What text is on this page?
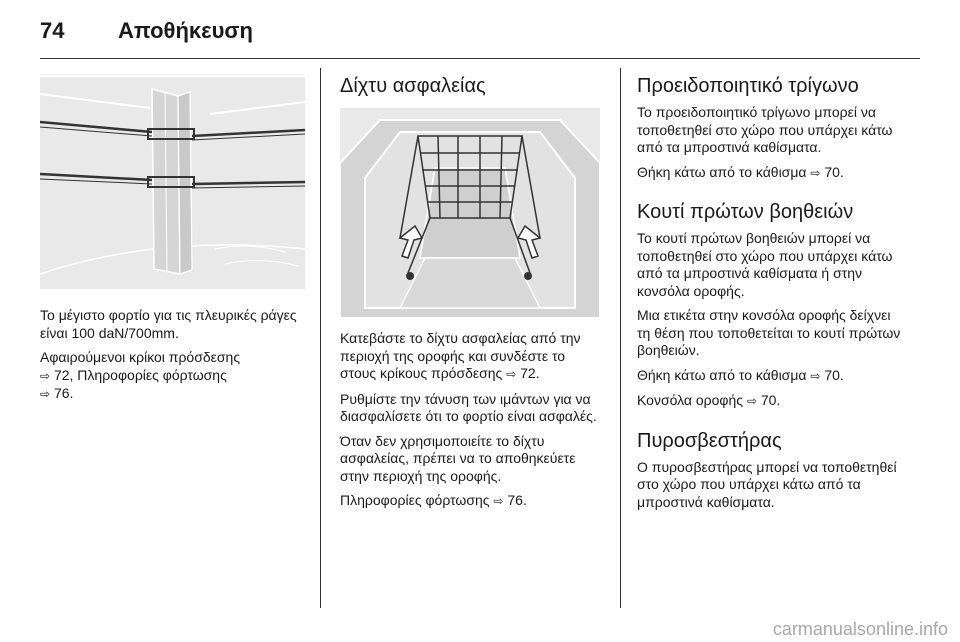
74 Αποθήκευση

Το μέγιστο φορτίο για τις πλευρικές ράγες είναι 100 daN/700mm.

Αφαιρούμενοι κρίκοι πρόσδεσης
⇨ 72, Πληροφορίες φόρτωσης
⇨ 76.

Δίχτυ ασφαλείας

Κατεβάστε το δίχτυ ασφαλείας από την περιοχή της οροφής και συνδέστε το στους κρίκους πρόσδεσης ⇨ 72.

Ρυθμίστε την τάνυση των ιμάντων για να διασφαλίσετε ότι το φορτίο είναι ασφαλές.

Όταν δεν χρησιμοποιείτε το δίχτυ ασφαλείας, πρέπει να το αποθηκεύετε στην περιοχή της οροφής.

Πληροφορίες φόρτωσης ⇨ 76.

Προειδοποιητικό τρίγωνο

Το προειδοποιητικό τρίγωνο μπορεί να τοποθετηθεί στο χώρο που υπάρχει κάτω από τα μπροστινά καθίσματα.

Θήκη κάτω από το κάθισμα ⇨ 70.

Κουτί πρώτων βοηθειών

Το κουτί πρώτων βοηθειών μπορεί να τοποθετηθεί στο χώρο που υπάρχει κάτω από τα μπροστινά καθίσματα ή στην κονσόλα οροφής.

Μια ετικέτα στην κονσόλα οροφής δείχνει τη θέση που τοποθετείται το κουτί πρώτων βοηθειών.

Θήκη κάτω από το κάθισμα ⇨ 70.

Κονσόλα οροφής ⇨ 70.

Πυροσβεστήρας

Ο πυροσβεστήρας μπορεί να τοποθετηθεί στο χώρο που υπάρχει κάτω από τα μπροστινά καθίσματα.

carmanualsonline.info
